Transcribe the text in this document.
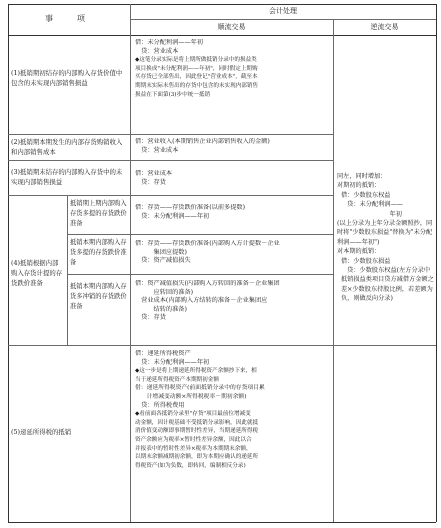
事　项
会计处理
顺流交易	逆流交易
(1)抵销期初结存的内部购入存货价值中包含的未实现内部销售损益
借：未分配利润——年初
　贷：营业成本
◆这笔分录实际是将上期所做抵销分录中的损益类
项目换成"未分配利润——年初"，同时假定上期购
买存货已全部售出，因此登记"营业成本"，截至本
期期末实际未售出的存货中包含的未实现内部销售
损益在下面第(3)步中统一抵销
(2)抵销期本期发生的内部存货购销收入和内部销售成本
借：营业收入(本期销售企业内部销售收入的金额)
　贷：营业成本
(3)抵销期末结存的内部购入存货中的未实现内部销售损益
借：营业成本
　贷：存货
(4)抵销根据内部购入存货计提的存货跌价准备
抵销期上期内部购入存货多提的存货跌价准备
借：存货——存货跌价准备(以前多提数)
　贷：未分配利润——年初
抵销本期内部购入存货多提的存货跌价准备
借：存货——存货跌价准备(内部购入方计提数－企业
　　　集团应提数)
　贷：资产减值损失
抵销本期内部购入存货多冲销的存货跌价准备
借：资产减值损失(内部购入方转回的准备－企业集团
　　　应转回的准备)
　营业成本(内部购入方结转的准备－企业集团应
　　　结转的准备)
　贷：存货
(5)递延所得税的抵销
借：递延所得税资产
　贷：未分配利润——年初
◆这一步是将上期递延所得税资产余额抄下来，相
当于递延所得税资产本期期初金额
借：递延所得税资产(前面抵销分录中的存货项目累
　　计增减变动额×所得税税率－期初余额)
　贷：所得税费用
◆看前面各抵销分录里"存货"项目最前位增减变
动金额，因计税基础不受抵销分录影响，因此就抵
消价值变动额即事期暂时性差异，当期递延所得税
资产余额应为税率×暂时性差异余额，因此以合
并报表中的暂时性差异×税率为本期期末余额，
以期末余额减期初余额，即为本期应确认的递延所
得税资产(如为负数，即转回，编制相反分录)
同左，同时增加：
对期初的抵销：
借：少数股东权益
　贷：未分配利润——
　　　年初
(以上分录为上年分录金额照抄，同时将"少数股东损益"替换为"未分配利润——年初")
对本期的抵销：
借：少数股东损益
　贷：少数股东权益(左方分录中抵销损益类项目贷方减借方金额之差×少数股东持股比例，若差额为负，则做反向分录)
